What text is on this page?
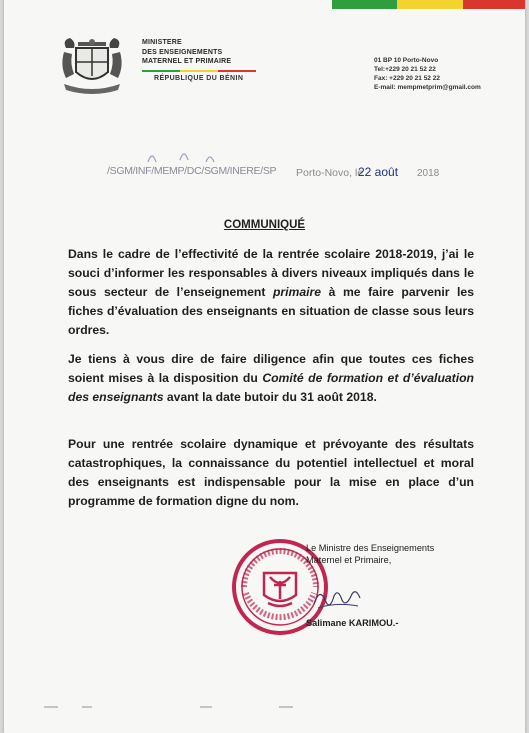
MINISTERE
DES ENSEIGNEMENTS
MATERNEL ET PRIMAIRE
RÉPUBLIQUE DU BÉNIN
01 BP 10 Porto-Novo
Tel:+229 20 21 52 22
Fax: +229 20 21 52 22
E-mail: mempmetprim@gmail.com
/SGM/INF/MEMP/DC/SGM/INERE/SP Porto-Novo, le
22 août 2018
COMMUNIQUÉ
Dans le cadre de l’effectivité de la rentrée scolaire 2018-2019, j’ai le souci d’informer les responsables à divers niveaux impliqués dans le sous secteur de l’enseignement primaire à me faire parvenir les fiches d’évaluation des enseignants en situation de classe sous leurs ordres.
Je tiens à vous dire de faire diligence afin que toutes ces fiches soient mises à la disposition du Comité de formation et d’évaluation des enseignants avant la date butoir du 31 août 2018.
Pour une rentrée scolaire dynamique et prévoyante des résultats catastrophiques, la connaissance du potentiel intellectuel et moral des enseignants est indispensable pour la mise en place d’un programme de formation digne du nom.
Le Ministre des Enseignements
Maternel et Primaire,
Salimane KARIMOU.-
